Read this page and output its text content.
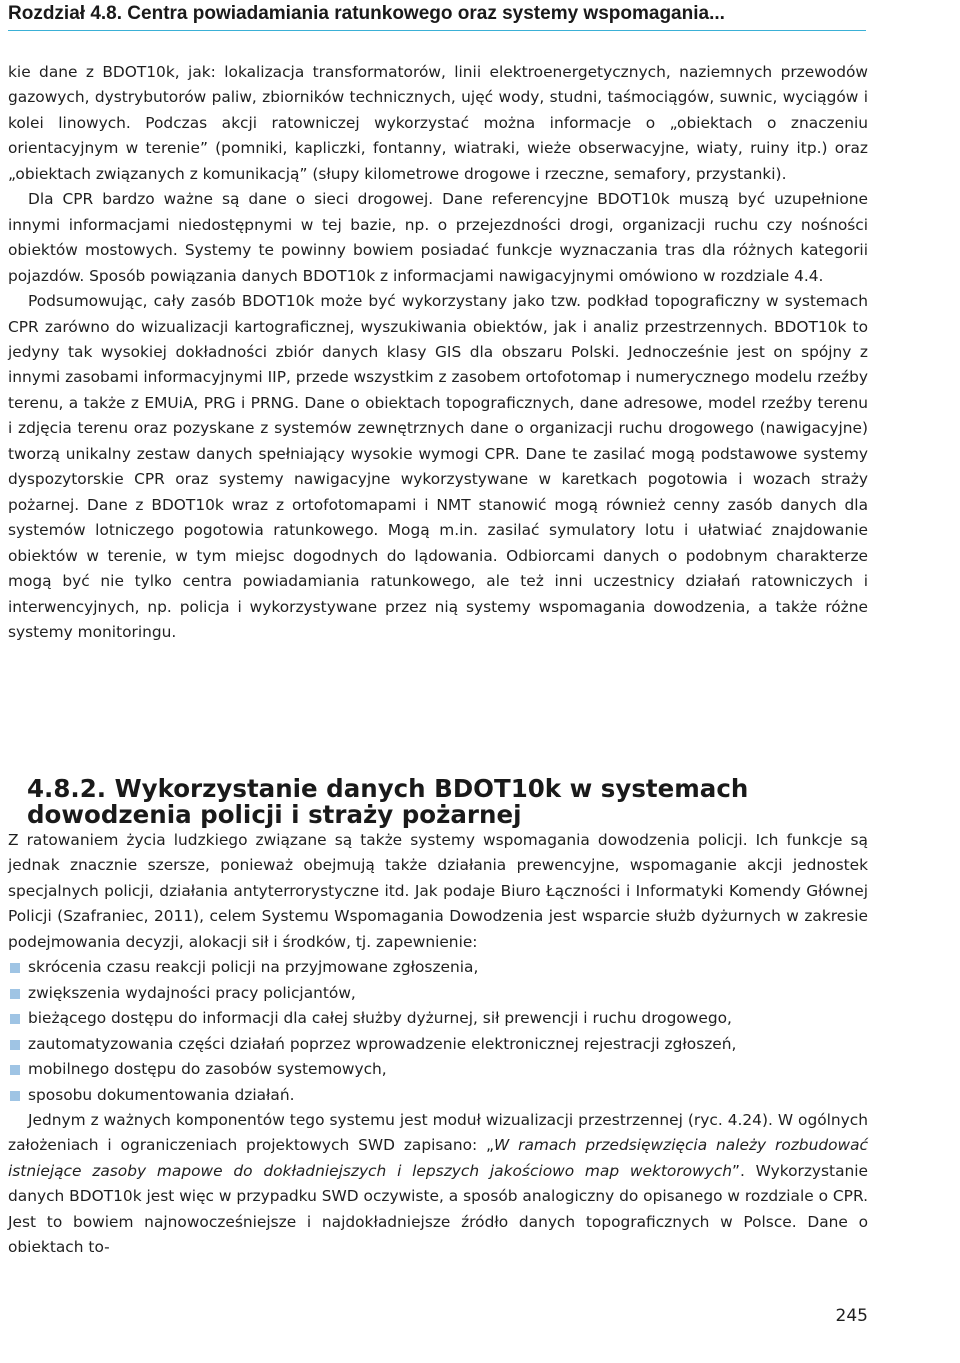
Rozdział 4.8. Centra powiadamiania ratunkowego oraz systemy wspomagania...

kie dane z BDOT10k, jak: lokalizacja transformatorów, linii elektroenergetycznych, naziemnych przewodów gazowych, dystrybutorów paliw, zbiorników technicznych, ujęć wody, studni, taśmociągów, suwnic, wyciągów i kolei linowych. Podczas akcji ratowniczej wykorzystać można informacje o „obiektach o znaczeniu orientacyjnym w terenie” (pomniki, kapliczki, fontanny, wiatraki, wieże obserwacyjne, wiaty, ruiny itp.) oraz „obiektach związanych z komunikacją” (słupy kilometrowe drogowe i rzeczne, semafory, przystanki).

Dla CPR bardzo ważne są dane o sieci drogowej. Dane referencyjne BDOT10k muszą być uzupełnione innymi informacjami niedostępnymi w tej bazie, np. o przejezdności drogi, organizacji ruchu czy nośności obiektów mostowych. Systemy te powinny bowiem posiadać funkcje wyznaczania tras dla różnych kategorii pojazdów. Sposób powiązania danych BDOT10k z informacjami nawigacyjnymi omówiono w rozdziale 4.4.

Podsumowując, cały zasób BDOT10k może być wykorzystany jako tzw. podkład topograficzny w systemach CPR zarówno do wizualizacji kartograficznej, wyszukiwania obiektów, jak i analiz przestrzennych. BDOT10k to jedyny tak wysokiej dokładności zbiór danych klasy GIS dla obszaru Polski. Jednocześnie jest on spójny z innymi zasobami informacyjnymi IIP, przede wszystkim z zasobem ortofotomap i numerycznego modelu rzeźby terenu, a także z EMUiA, PRG i PRNG. Dane o obiektach topograficznych, dane adresowe, model rzeźby terenu i zdjęcia terenu oraz pozyskane z systemów zewnętrznych dane o organizacji ruchu drogowego (nawigacyjne) tworzą unikalny zestaw danych spełniający wysokie wymogi CPR. Dane te zasilać mogą podstawowe systemy dyspozytorskie CPR oraz systemy nawigacyjne wykorzystywane w karetkach pogotowia i wozach straży pożarnej. Dane z BDOT10k wraz z ortofotomapami i NMT stanowić mogą również cenny zasób danych dla systemów lotniczego pogotowia ratunkowego. Mogą m.in. zasilać symulatory lotu i ułatwiać znajdowanie obiektów w terenie, w tym miejsc dogodnych do lądowania. Odbiorcami danych o podobnym charakterze mogą być nie tylko centra powiadamiania ratunkowego, ale też inni uczestnicy działań ratowniczych i interwencyjnych, np. policja i wykorzystywane przez nią systemy wspomagania dowodzenia, a także różne systemy monitoringu.

4.8.2. Wykorzystanie danych BDOT10k w systemach dowodzenia policji i straży pożarnej

Z ratowaniem życia ludzkiego związane są także systemy wspomagania dowodzenia policji. Ich funkcje są jednak znacznie szersze, ponieważ obejmują także działania prewencyjne, wspomaganie akcji jednostek specjalnych policji, działania antyterrorystyczne itd. Jak podaje Biuro Łączności i Informatyki Komendy Głównej Policji (Szafraniec, 2011), celem Systemu Wspomagania Dowodzenia jest wsparcie służb dyżurnych w zakresie podejmowania decyzji, alokacji sił i środków, tj. zapewnienie:

skrócenia czasu reakcji policji na przyjmowane zgłoszenia,
zwiększenia wydajności pracy policjantów,
bieżącego dostępu do informacji dla całej służby dyżurnej, sił prewencji i ruchu drogowego,
zautomatyzowania części działań poprzez wprowadzenie elektronicznej rejestracji zgłoszeń,
mobilnego dostępu do zasobów systemowych,
sposobu dokumentowania działań.

Jednym z ważnych komponentów tego systemu jest moduł wizualizacji przestrzennej (ryc. 4.24). W ogólnych założeniach i ograniczeniach projektowych SWD zapisano: „W ramach przedsięwzięcia należy rozbudować istniejące zasoby mapowe do dokładniejszych i lepszych jakościowo map wektorowych”. Wykorzystanie danych BDOT10k jest więc w przypadku SWD oczywiste, a sposób analogiczny do opisanego w rozdziale o CPR. Jest to bowiem najnowocześniejsze i najdokładniejsze źródło danych topograficznych w Polsce. Dane o obiektach to-

245
